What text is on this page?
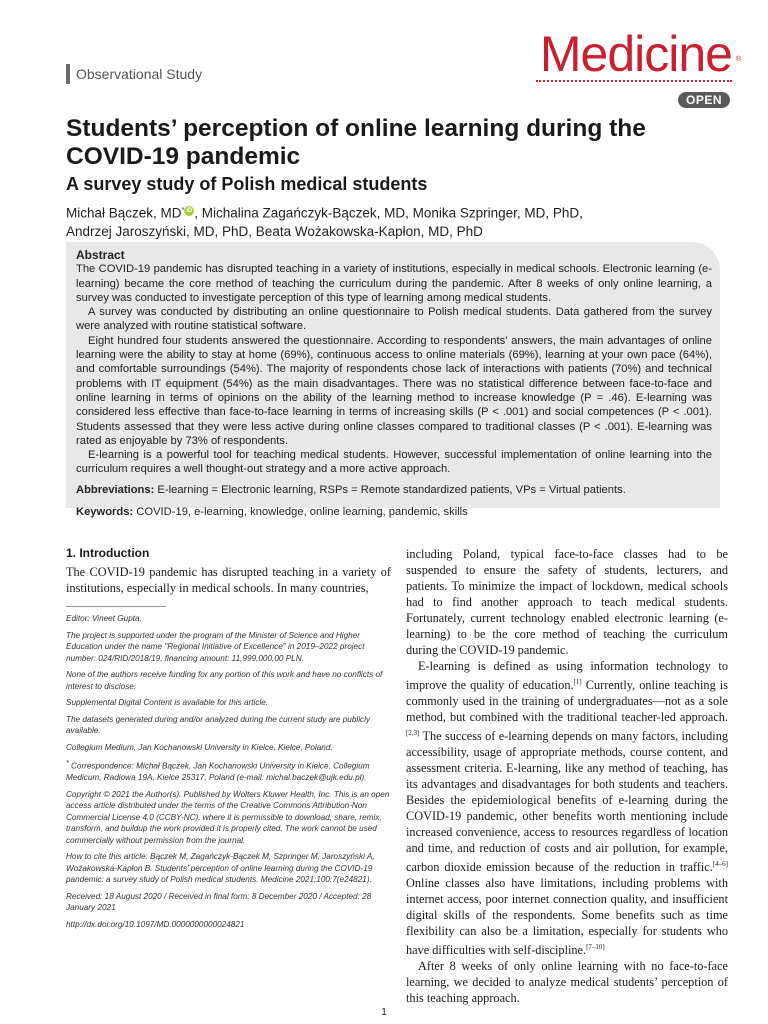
Observational Study	Medicine ®
OPEN
Students’ perception of online learning during the COVID-19 pandemic
A survey study of Polish medical students
Michał Bączek, MD* iD , Michalina Zagańczyk-Bączek, MD, Monika Szpringer, MD, PhD,
Andrzej Jaroszyński, MD, PhD, Beata Wożakowska-Kapłon, MD, PhD
Abstract

The COVID-19 pandemic has disrupted teaching in a variety of institutions, especially in medical schools. Electronic learning (e-learning) became the core method of teaching the curriculum during the pandemic. After 8 weeks of only online learning, a survey was conducted to investigate perception of this type of learning among medical students.

A survey was conducted by distributing an online questionnaire to Polish medical students. Data gathered from the survey were analyzed with routine statistical software.

Eight hundred four students answered the questionnaire. According to respondents’ answers, the main advantages of online learning were the ability to stay at home (69%), continuous access to online materials (69%), learning at your own pace (64%), and comfortable surroundings (54%). The majority of respondents chose lack of interactions with patients (70%) and technical problems with IT equipment (54%) as the main disadvantages. There was no statistical difference between face-to-face and online learning in terms of opinions on the ability of the learning method to increase knowledge (P = .46). E-learning was considered less effective than face-to-face learning in terms of increasing skills (P < .001) and social competences (P < .001). Students assessed that they were less active during online classes compared to traditional classes (P < .001). E-learning was rated as enjoyable by 73% of respondents.

E-learning is a powerful tool for teaching medical students. However, successful implementation of online learning into the curriculum requires a well thought-out strategy and a more active approach.

Abbreviations: E-learning = Electronic learning, RSPs = Remote standardized patients, VPs = Virtual patients.

Keywords: COVID-19, e-learning, knowledge, online learning, pandemic, skills

1. Introduction

The COVID-19 pandemic has disrupted teaching in a variety of institutions, especially in medical schools. In many countries,

Editor: Vineet Gupta.

The project is supported under the program of the Minister of Science and Higher Education under the name "Regional Initiative of Excellence" in 2019–2022 project number: 024/RID/2018/19, financing amount: 11,999,000,00 PLN.

None of the authors receive funding for any portion of this work and have no conflicts of interest to disclose.

Supplemental Digital Content is available for this article.

The datasets generated during and/or analyzed during the current study are publicly available.

Collegium Medium, Jan Kochanowski University in Kielce, Kielce, Poland.

* Correspondence: Michał Bączek, Jan Kochanowski University in Kielce, Collegium Medicum, Radiowa 19A, Kielce 25317, Poland (e-mail: michal.baczek@ujk.edu.pl).

Copyright © 2021 the Author(s). Published by Wolters Kluwer Health, Inc. This is an open access article distributed under the terms of the Creative Commons Attribution-Non Commercial License 4.0 (CCBY-NC), where it is permissible to download, share, remix, transform, and buildup the work provided it is properly cited. The work cannot be used commercially without permission from the journal.

How to cite this article: Bączek M, Zagańczyk-Bączek M, Szpringer M, Jaroszyński A, Wożakowska-Kapłon B. Students’ perception of online learning during the COVID-19 pandemic: a survey study of Polish medical students. Medicine 2021;100:7(e24821).

Received: 18 August 2020 / Received in final form: 8 December 2020 / Accepted: 28 January 2021

http://dx.doi.org/10.1097/MD.0000000000024821

including Poland, typical face-to-face classes had to be suspended to ensure the safety of students, lecturers, and patients. To minimize the impact of lockdown, medical schools had to find another approach to teach medical students. Fortunately, current technology enabled electronic learning (e-learning) to be the core method of teaching the curriculum during the COVID-19 pandemic.

E-learning is defined as using information technology to improve the quality of education.[1] Currently, online teaching is commonly used in the training of undergraduates—not as a sole method, but combined with the traditional teacher-led approach.[2,3] The success of e-learning depends on many factors, including accessibility, usage of appropriate methods, course content, and assessment criteria. E-learning, like any method of teaching, has its advantages and disadvantages for both students and teachers. Besides the epidemiological benefits of e-learning during the COVID-19 pandemic, other benefits worth mentioning include increased convenience, access to resources regardless of location and time, and reduction of costs and air pollution, for example, carbon dioxide emission because of the reduction in traffic.[4–6] Online classes also have limitations, including problems with internet access, poor internet connection quality, and insufficient digital skills of the respondents. Some benefits such as time flexibility can also be a limitation, especially for students who have difficulties with self-discipline.[7–10]

After 8 weeks of only online learning with no face-to-face learning, we decided to analyze medical students’ perception of this teaching approach.

1
